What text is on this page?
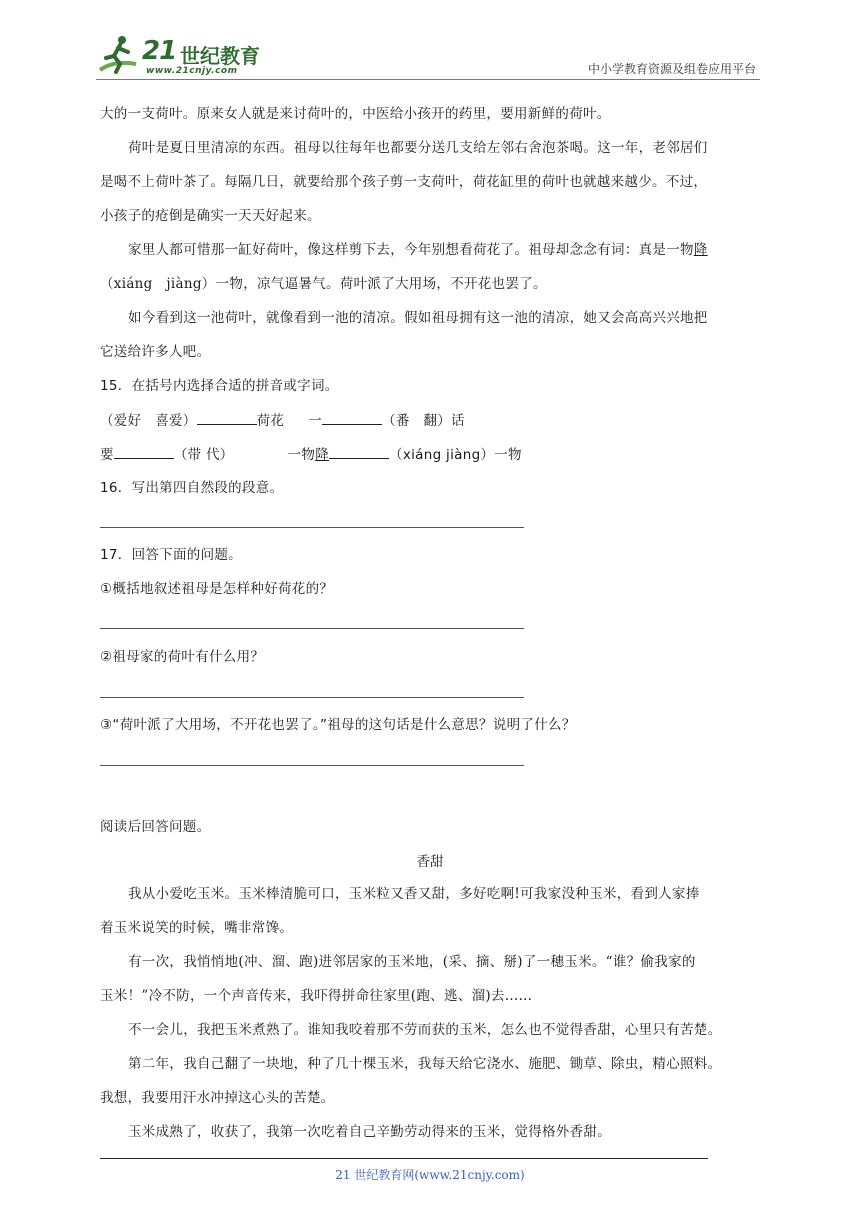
21 世纪教育
www.21cnjy.com	中小学教育资源及组卷应用平台
大的一支荷叶。原来女人就是来讨荷叶的，中医给小孩开的药里，要用新鲜的荷叶。
荷叶是夏日里清凉的东西。祖母以往每年也都要分送几支给左邻右舍泡茶喝。这一年，老邻居们
是喝不上荷叶茶了。每隔几日，就要给那个孩子剪一支荷叶，荷花缸里的荷叶也就越来越少。不过，
小孩子的疮倒是确实一天天好起来。
家里人都可惜那一缸好荷叶，像这样剪下去，今年别想看荷花了。祖母却念念有词：真是一物降
（xiáng　jiàng）一物，凉气逼暑气。荷叶派了大用场，不开花也罢了。
如今看到这一池荷叶，就像看到一池的清凉。假如祖母拥有这一池的清凉，她又会高高兴兴地把
它送给许多人吧。
15．在括号内选择合适的拼音或字词。
（爱好　喜爱）	荷花 一	（番　翻）话
要	（带 代）	一物降	（xiáng jiàng）一物
16．写出第四自然段的段意。
17．回答下面的问题。
①概括地叙述祖母是怎样种好荷花的？
②祖母家的荷叶有什么用？
③“荷叶派了大用场，不开花也罢了。”祖母的这句话是什么意思？说明了什么？
阅读后回答问题。
香甜
我从小爱吃玉米。玉米棒清脆可口，玉米粒又香又甜，多好吃啊!可我家没种玉米，看到人家捧
着玉米说笑的时候，嘴非常馋。
有一次，我悄悄地(冲、溜、跑)进邻居家的玉米地，(采、摘、掰)了一穗玉米。“谁？偷我家的
玉米！”冷不防，一个声音传来，我吓得拼命往家里(跑、逃、溜)去……
不一会儿，我把玉米煮熟了。谁知我咬着那不劳而获的玉米，怎么也不觉得香甜，心里只有苦楚。
第二年，我自己翻了一块地，种了几十棵玉米，我每天给它浇水、施肥、锄草、除虫，精心照料。
我想，我要用汗水冲掉这心头的苦楚。
玉米成熟了，收获了，我第一次吃着自己辛勤劳动得来的玉米，觉得格外香甜。
21 世纪教育网(www.21cnjy.com)
